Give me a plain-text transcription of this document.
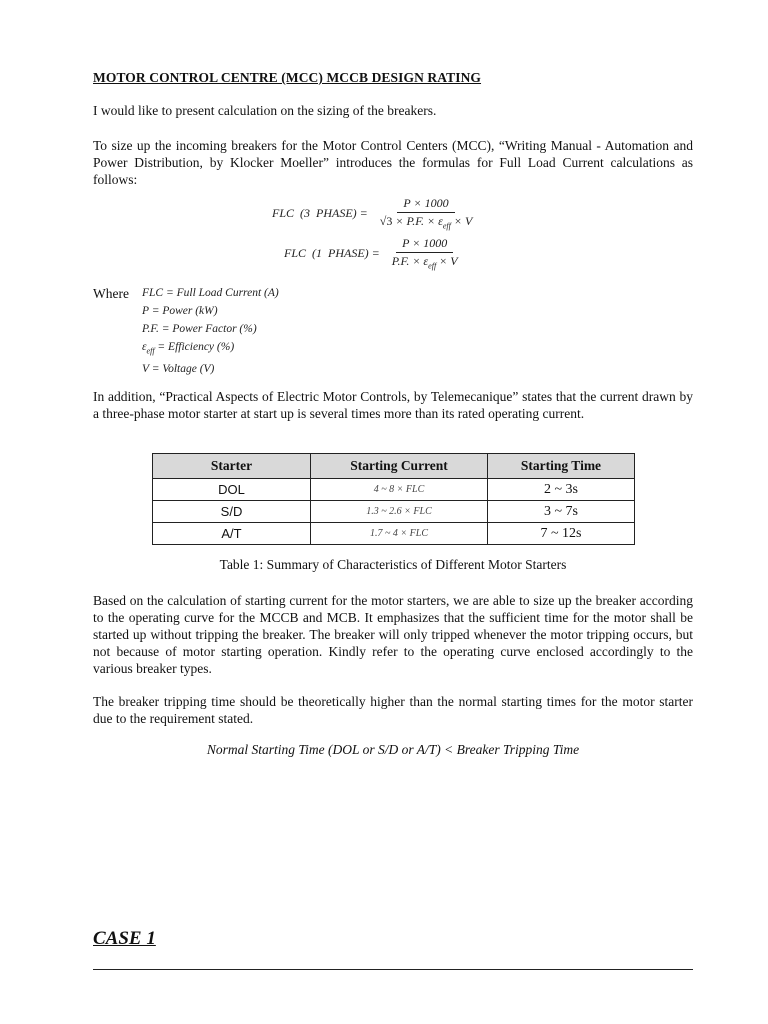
MOTOR CONTROL CENTRE (MCC) MCCB DESIGN RATING
I would like to present calculation on the sizing of the breakers.
To size up the incoming breakers for the Motor Control Centers (MCC), “Writing Manual - Automation and Power Distribution, by Klocker Moeller” introduces the formulas for Full Load Current calculations as follows:
FLC  (3  PHASE) = $\frac{P \times 1000}{√3 \times P.F. \times \varepsilon_{eff} \times V}$
FLC  (1  PHASE) = $\frac{P \times 1000}{P.F. \times \varepsilon_{eff} \times V}$
Where FLC = Full Load Current (A)
P = Power (kW)
P.F. = Power Factor (%)
$\varepsilon_{eff}$ = Efficiency (%)
V = Voltage (V)
In addition, “Practical Aspects of Electric Motor Controls, by Telemecanique” states that the current drawn by a three-phase motor starter at start up is several times more than its rated operating current.
Starter	Starting Current	Starting Time
DOL	4 ~ 8 × FLC	2 ~ 3s
S/D	1.3 ~ 2.6 × FLC	3 ~ 7s
A/T	1.7 ~ 4 × FLC	7 ~ 12s
Table 1: Summary of Characteristics of Different Motor Starters
Based on the calculation of starting current for the motor starters, we are able to size up the breaker according to the operating curve for the MCCB and MCB. It emphasizes that the sufficient time for the motor shall be started up without tripping the breaker. The breaker will only tripped whenever the motor tripping occurs, but not because of motor starting operation. Kindly refer to the operating curve enclosed accordingly to the various breaker types.
The breaker tripping time should be theoretically higher than the normal starting times for the motor starter due to the requirement stated.
Normal Starting Time (DOL or S/D or A/T) < Breaker Tripping Time
CASE 1
